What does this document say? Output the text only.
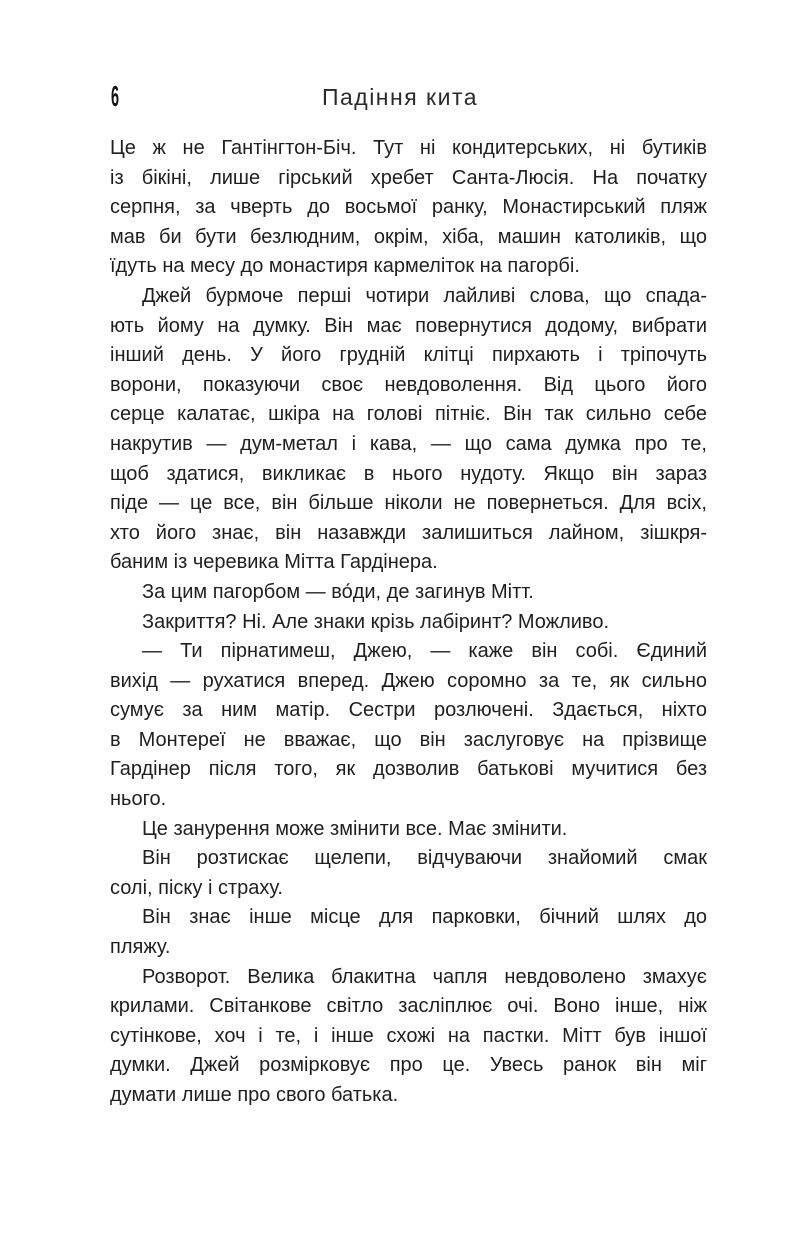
6	Падіння кита
Це ж не Гантінгтон-Біч. Тут ні кондитерських, ні бутиків
із бікіні, лише гірський хребет Санта-Люсія. На початку
серпня, за чверть до восьмої ранку, Монастирський пляж
мав би бути безлюдним, окрім, хіба, машин католиків, що
їдуть на месу до монастиря кармеліток на пагорбі.
Джей бурмоче перші чотири лайливі слова, що спада-
ють йому на думку. Він має повернутися додому, вибрати
інший день. У його грудній клітці пирхають і тріпочуть
ворони, показуючи своє невдоволення. Від цього його
серце калатає, шкіра на голові пітніє. Він так сильно себе
накрутив — дум-метал і кава, — що сама думка про те,
щоб здатися, викликає в нього нудоту. Якщо він зараз
піде — це все, він більше ніколи не повернеться. Для всіх,
хто його знає, він назавжди залишиться лайном, зішкря-
баним із черевика Мітта Гардінера.
За цим пагорбом — во́ди, де загинув Мітт.
Закриття? Ні. Але знаки крізь лабіринт? Можливо.
— Ти пірнатимеш, Джею, — каже він собі. Єдиний
вихід — рухатися вперед. Джею соромно за те, як сильно
сумує за ним матір. Сестри розлючені. Здається, ніхто
в Монтереї не вважає, що він заслуговує на прізвище
Гардінер після того, як дозволив батькові мучитися без
нього.
Це занурення може змінити все. Має змінити.
Він розтискає щелепи, відчуваючи знайомий смак
солі, піску і страху.
Він знає інше місце для парковки, бічний шлях до
пляжу.
Розворот. Велика блакитна чапля невдоволено змахує
крилами. Світанкове світло засліплює очі. Воно інше, ніж
сутінкове, хоч і те, і інше схожі на пастки. Мітт був іншої
думки. Джей розмірковує про це. Увесь ранок він міг
думати лише про свого батька.
